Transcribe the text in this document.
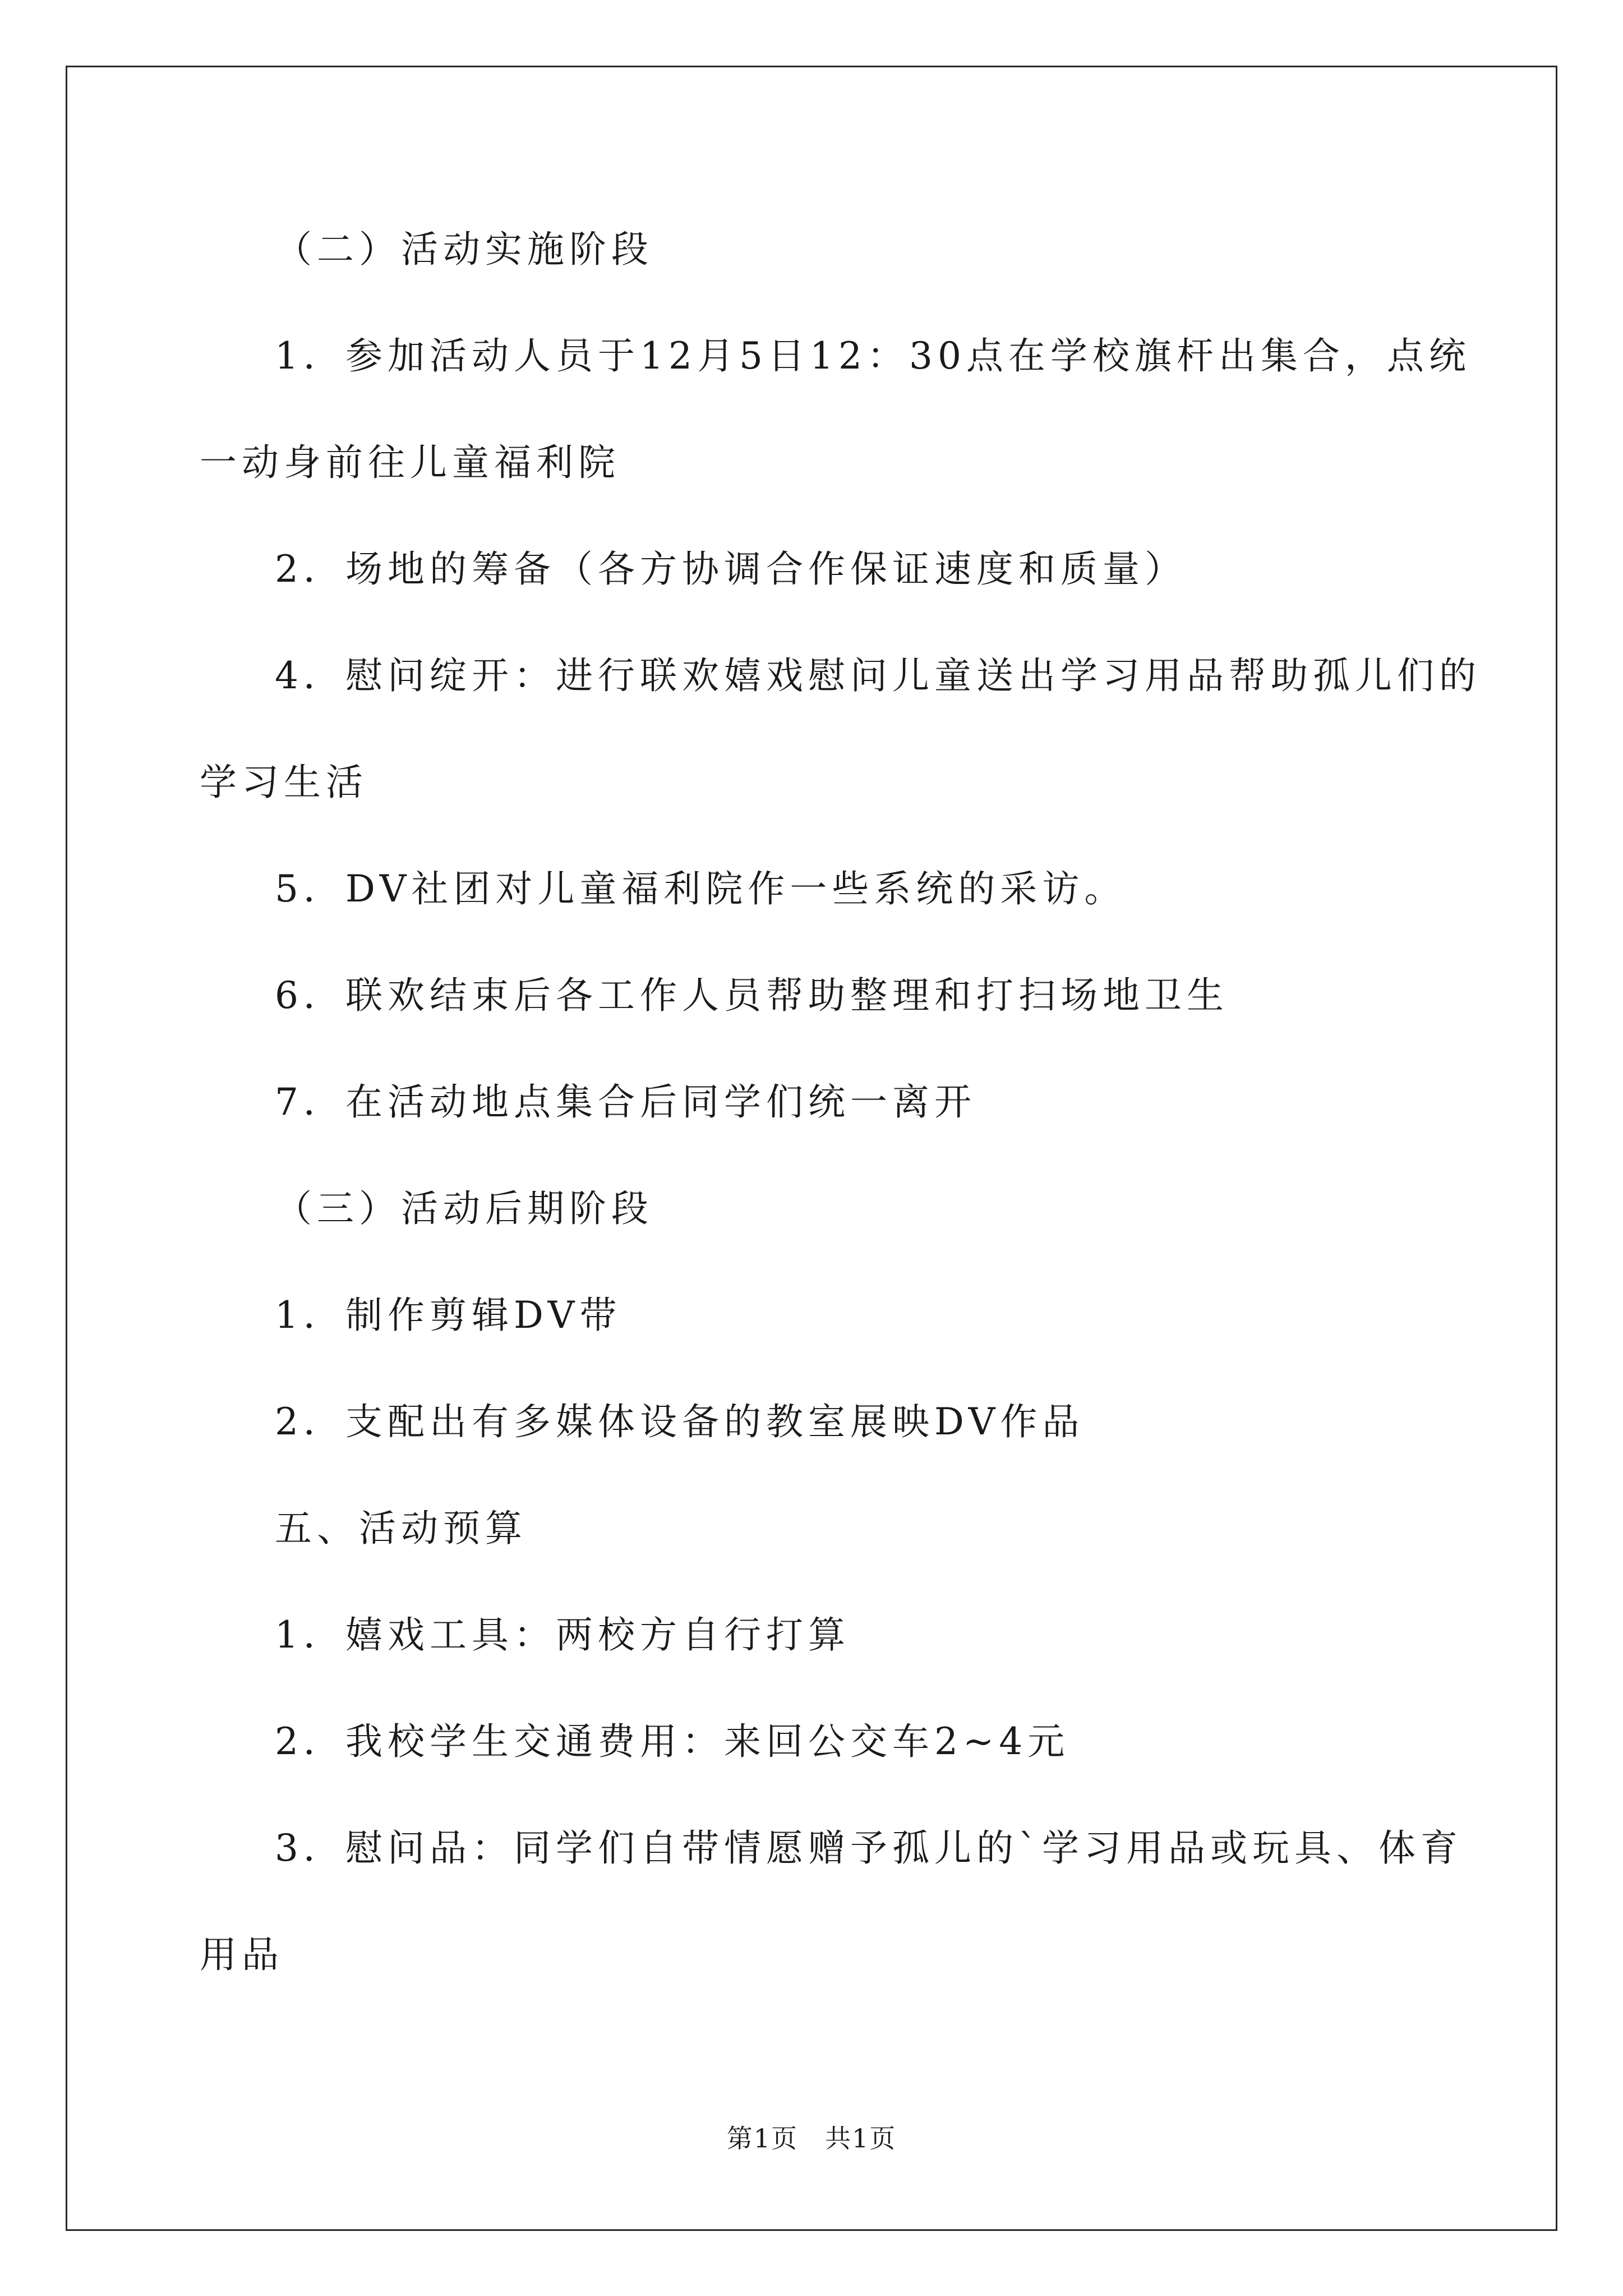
（二）活动实施阶段

1．参加活动人员于12月5日12：30点在学校旗杆出集合，点统

一动身前往儿童福利院

2．场地的筹备（各方协调合作保证速度和质量）

4．慰问绽开：进行联欢嬉戏慰问儿童送出学习用品帮助孤儿们的

学习生活

5．DV社团对儿童福利院作一些系统的采访。

6．联欢结束后各工作人员帮助整理和打扫场地卫生

7．在活动地点集合后同学们统一离开

（三）活动后期阶段

1．制作剪辑DV带

2．支配出有多媒体设备的教室展映DV作品

五、活动预算

1．嬉戏工具：两校方自行打算

2．我校学生交通费用：来回公交车2~4元

3．慰问品：同学们自带情愿赠予孤儿的`学习用品或玩具、体育

用品

第1页　共1页
